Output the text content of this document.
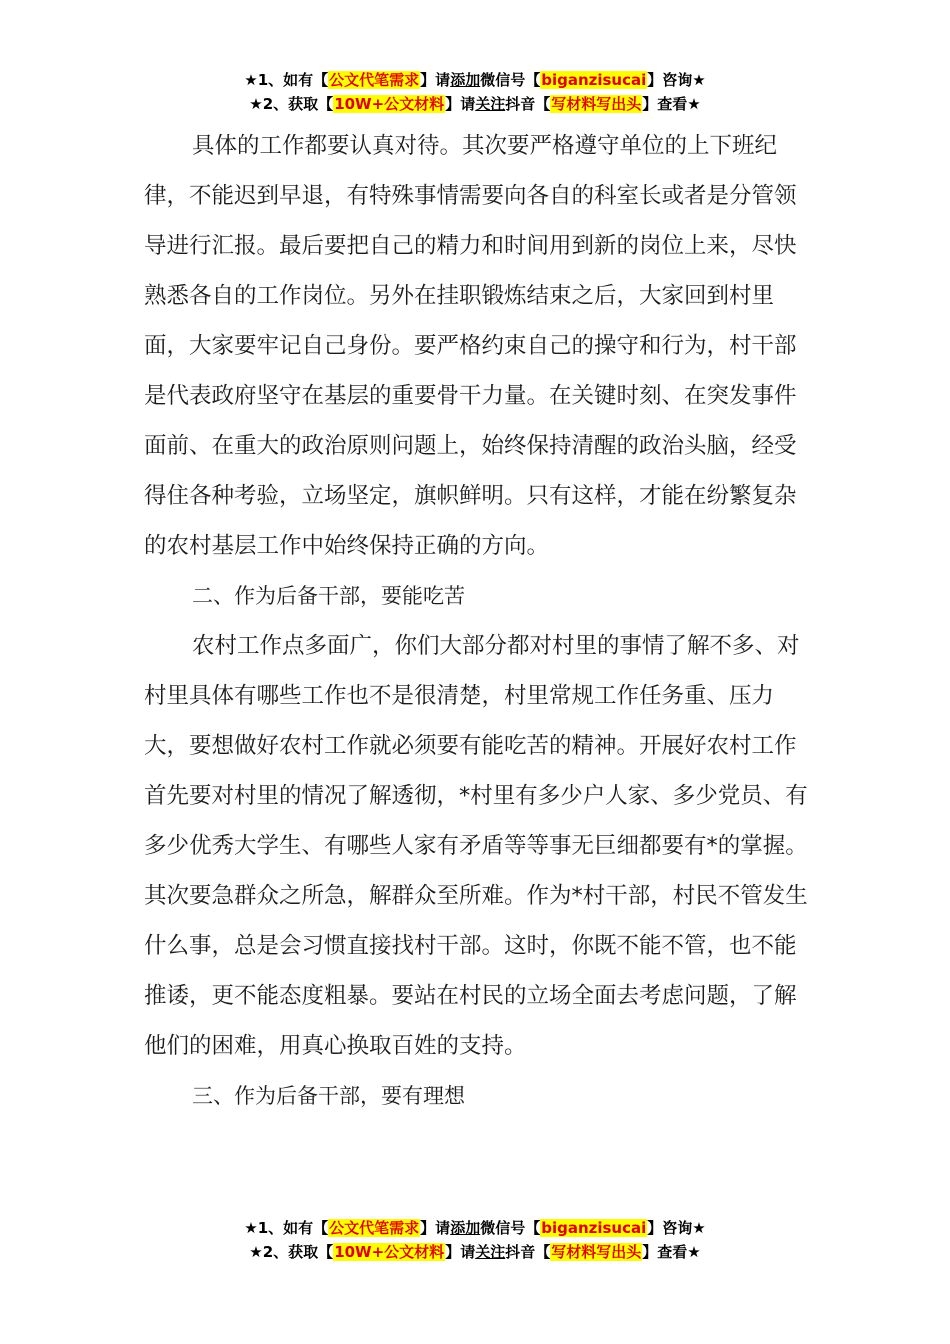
★1、如有【公文代笔需求】请添加微信号【biganzisucai】咨询★
★2、获取【10W+公文材料】请关注抖音【写材料写出头】查看★

具体的工作都要认真对待。其次要严格遵守单位的上下班纪律，不能迟到早退，有特殊事情需要向各自的科室长或者是分管领导进行汇报。最后要把自己的精力和时间用到新的岗位上来，尽快熟悉各自的工作岗位。另外在挂职锻炼结束之后，大家回到村里面，大家要牢记自己身份。要严格约束自己的操守和行为，村干部是代表政府坚守在基层的重要骨干力量。在关键时刻、在突发事件面前、在重大的政治原则问题上，始终保持清醒的政治头脑，经受得住各种考验，立场坚定，旗帜鲜明。只有这样，才能在纷繁复杂的农村基层工作中始终保持正确的方向。

二、作为后备干部，要能吃苦

农村工作点多面广，你们大部分都对村里的事情了解不多、对村里具体有哪些工作也不是很清楚，村里常规工作任务重、压力大，要想做好农村工作就必须要有能吃苦的精神。开展好农村工作首先要对村里的情况了解透彻，*村里有多少户人家、多少党员、有多少优秀大学生、有哪些人家有矛盾等等事无巨细都要有*的掌握。其次要急群众之所急，解群众至所难。作为*村干部，村民不管发生什么事，总是会习惯直接找村干部。这时，你既不能不管，也不能推诿，更不能态度粗暴。要站在村民的立场全面去考虑问题，了解他们的困难，用真心换取百姓的支持。

三、作为后备干部，要有理想

★1、如有【公文代笔需求】请添加微信号【biganzisucai】咨询★
★2、获取【10W+公文材料】请关注抖音【写材料写出头】查看★
